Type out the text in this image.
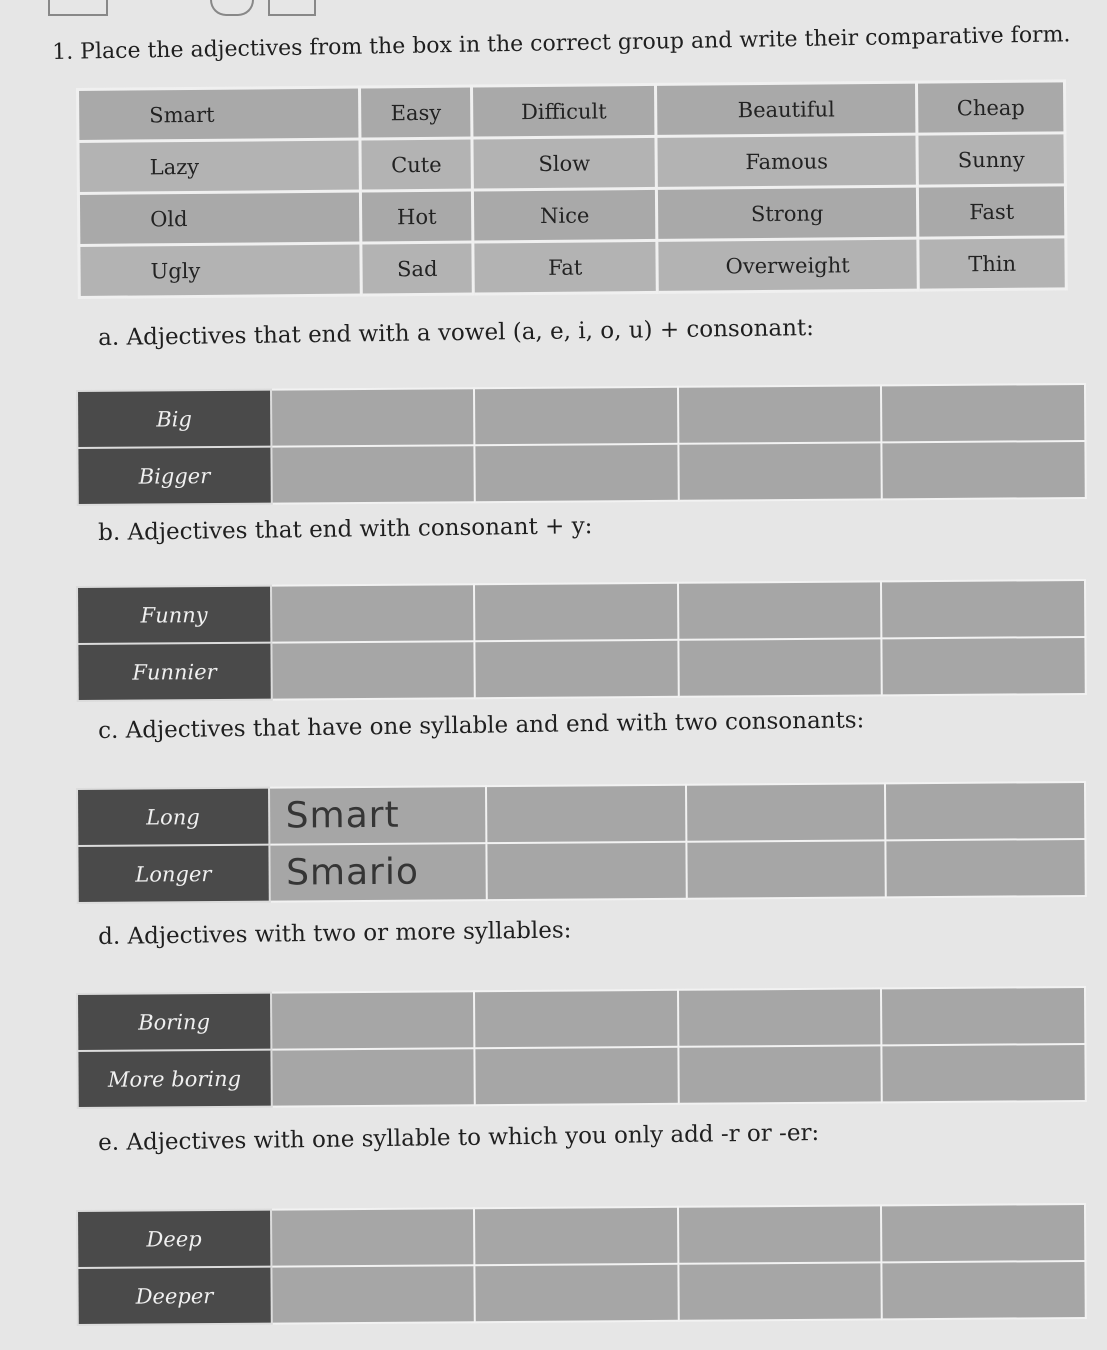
1. Place the adjectives from the box in the correct group and write their comparative form.

Smart	Easy	Difficult	Beautiful	Cheap
Lazy	Cute	Slow	Famous	Sunny
Old	Hot	Nice	Strong	Fast
Ugly	Sad	Fat	Overweight	Thin

a. Adjectives that end with a vowel (a, e, i, o, u) + consonant:

Big				
Bigger				

b. Adjectives that end with consonant + y:

Funny				
Funnier				

c. Adjectives that have one syllable and end with two consonants:

Long	Smart			
Longer	Smario			

d. Adjectives with two or more syllables:

Boring				
More boring				

e. Adjectives with one syllable to which you only add -r or -er:

Deep				
Deeper				
